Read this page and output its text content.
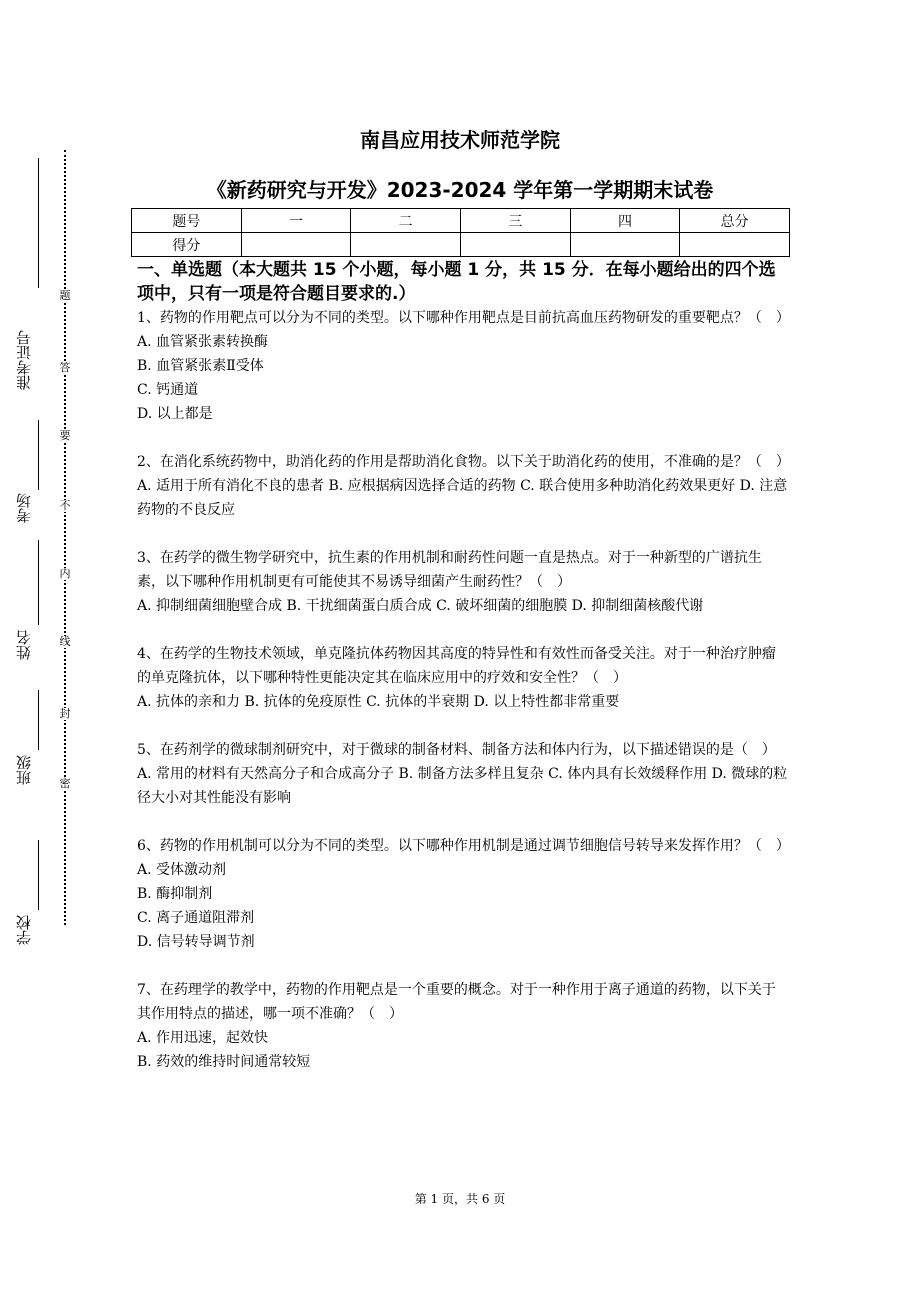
准考证号
考场
姓名
班级
学校
题
答
要
不
内
线
封
密
南昌应用技术师范学院
《新药研究与开发》2023-2024 学年第一学期期末试卷
题号	一	二	三	四	总分
得分					

一、单选题（本大题共 15 个小题，每小题 1 分，共 15 分．在每小题给出的四个选项中，只有一项是符合题目要求的.）

1、药物的作用靶点可以分为不同的类型。以下哪种作用靶点是目前抗高血压药物研发的重要靶点？（　）

A. 血管紧张素转换酶

B. 血管紧张素Ⅱ受体

C. 钙通道

D. 以上都是

2、在消化系统药物中，助消化药的作用是帮助消化食物。以下关于助消化药的使用，不准确的是？（　）

A. 适用于所有消化不良的患者 B. 应根据病因选择合适的药物 C. 联合使用多种助消化药效果更好 D. 注意药物的不良反应

3、在药学的微生物学研究中，抗生素的作用机制和耐药性问题一直是热点。对于一种新型的广谱抗生素，以下哪种作用机制更有可能使其不易诱导细菌产生耐药性？（　）

A. 抑制细菌细胞壁合成 B. 干扰细菌蛋白质合成 C. 破坏细菌的细胞膜 D. 抑制细菌核酸代谢

4、在药学的生物技术领域，单克隆抗体药物因其高度的特异性和有效性而备受关注。对于一种治疗肿瘤的单克隆抗体，以下哪种特性更能决定其在临床应用中的疗效和安全性？（　）

A. 抗体的亲和力 B. 抗体的免疫原性 C. 抗体的半衰期 D. 以上特性都非常重要

5、在药剂学的微球制剂研究中，对于微球的制备材料、制备方法和体内行为，以下描述错误的是（　）

A. 常用的材料有天然高分子和合成高分子 B. 制备方法多样且复杂 C. 体内具有长效缓释作用 D. 微球的粒径大小对其性能没有影响

6、药物的作用机制可以分为不同的类型。以下哪种作用机制是通过调节细胞信号转导来发挥作用？（　）

A. 受体激动剂

B. 酶抑制剂

C. 离子通道阻滞剂

D. 信号转导调节剂

7、在药理学的教学中，药物的作用靶点是一个重要的概念。对于一种作用于离子通道的药物，以下关于其作用特点的描述，哪一项不准确？（　）

A. 作用迅速，起效快

B. 药效的维持时间通常较短

第 1 页，共 6 页
